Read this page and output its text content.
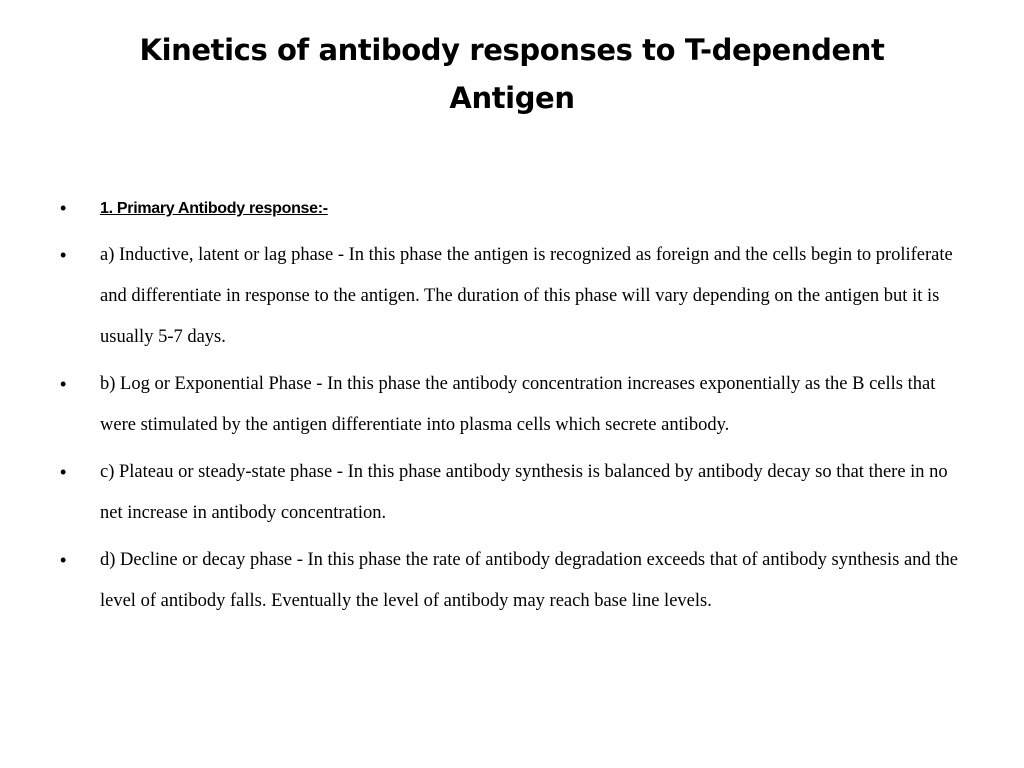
Kinetics of antibody responses to T-dependent Antigen
• 1. Primary Antibody response:-
• a) Inductive, latent or lag phase - In this phase the antigen is recognized as foreign and the cells begin to proliferate and differentiate in response to the antigen. The duration of this phase will vary depending on the antigen but it is usually 5-7 days.
• b) Log or Exponential Phase - In this phase the antibody concentration increases exponentially as the B cells that were stimulated by the antigen differentiate into plasma cells which secrete antibody.
• c) Plateau or steady-state phase - In this phase antibody synthesis is balanced by antibody decay so that there in no net increase in antibody concentration.
• d) Decline or decay phase - In this phase the rate of antibody degradation exceeds that of antibody synthesis and the level of antibody falls. Eventually the level of antibody may reach base line levels.
